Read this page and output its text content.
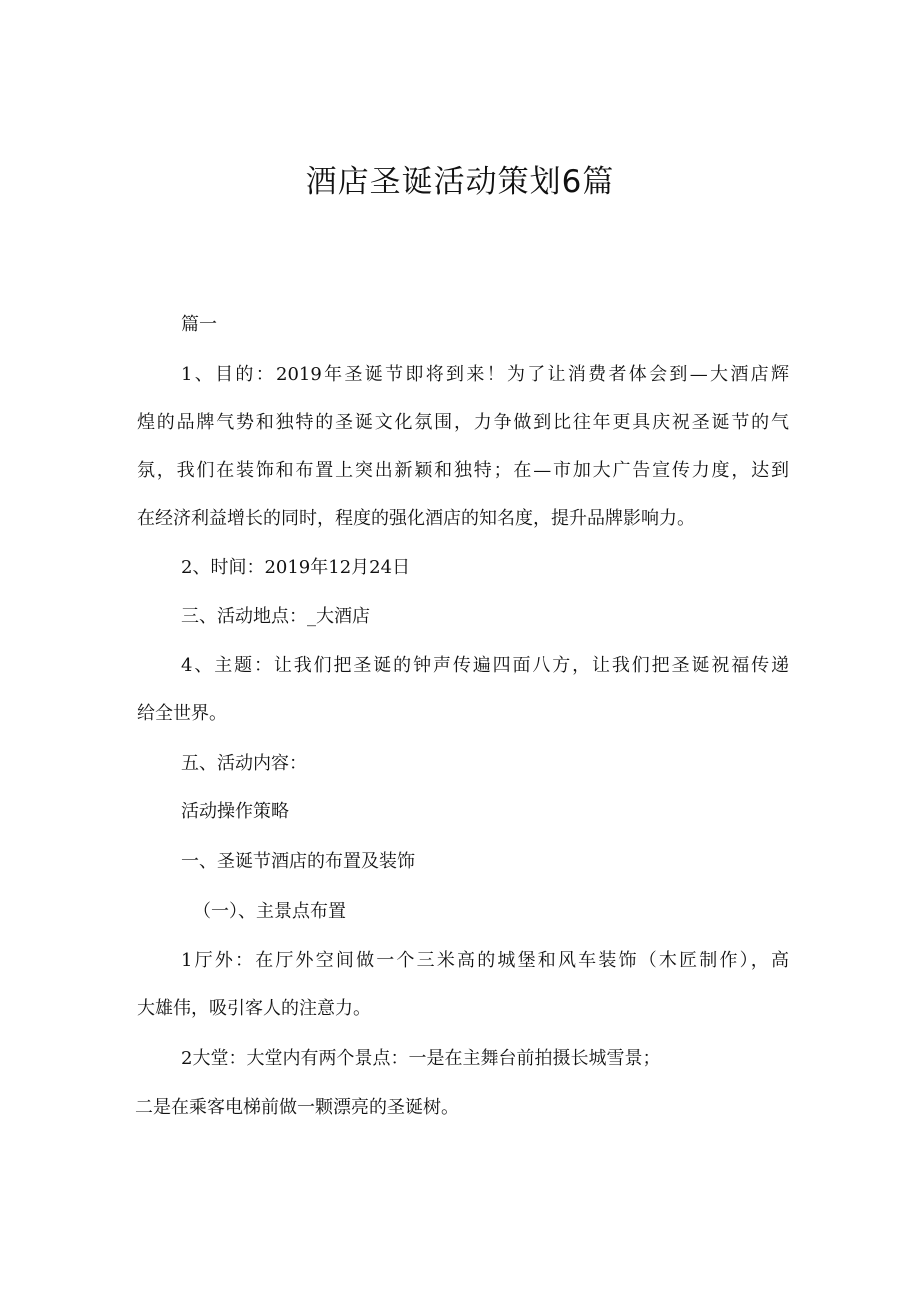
酒店圣诞活动策划6篇
篇一
1、目的：2019年圣诞节即将到来！为了让消费者体会到—大酒店辉
煌的品牌气势和独特的圣诞文化氛围，力争做到比往年更具庆祝圣诞节的气
氛，我们在装饰和布置上突出新颖和独特；在—市加大广告宣传力度，达到
在经济利益增长的同时，程度的强化酒店的知名度，提升品牌影响力。
2、时间：2019年12月24日
三、活动地点：_大酒店
4、主题：让我们把圣诞的钟声传遍四面八方，让我们把圣诞祝福传递
给全世界。
五、活动内容：
活动操作策略
一、圣诞节酒店的布置及装饰
（一）、主景点布置
1厅外：在厅外空间做一个三米高的城堡和风车装饰（木匠制作），高
大雄伟，吸引客人的注意力。
2大堂：大堂内有两个景点：一是在主舞台前拍摄长城雪景；
二是在乘客电梯前做一颗漂亮的圣诞树。
